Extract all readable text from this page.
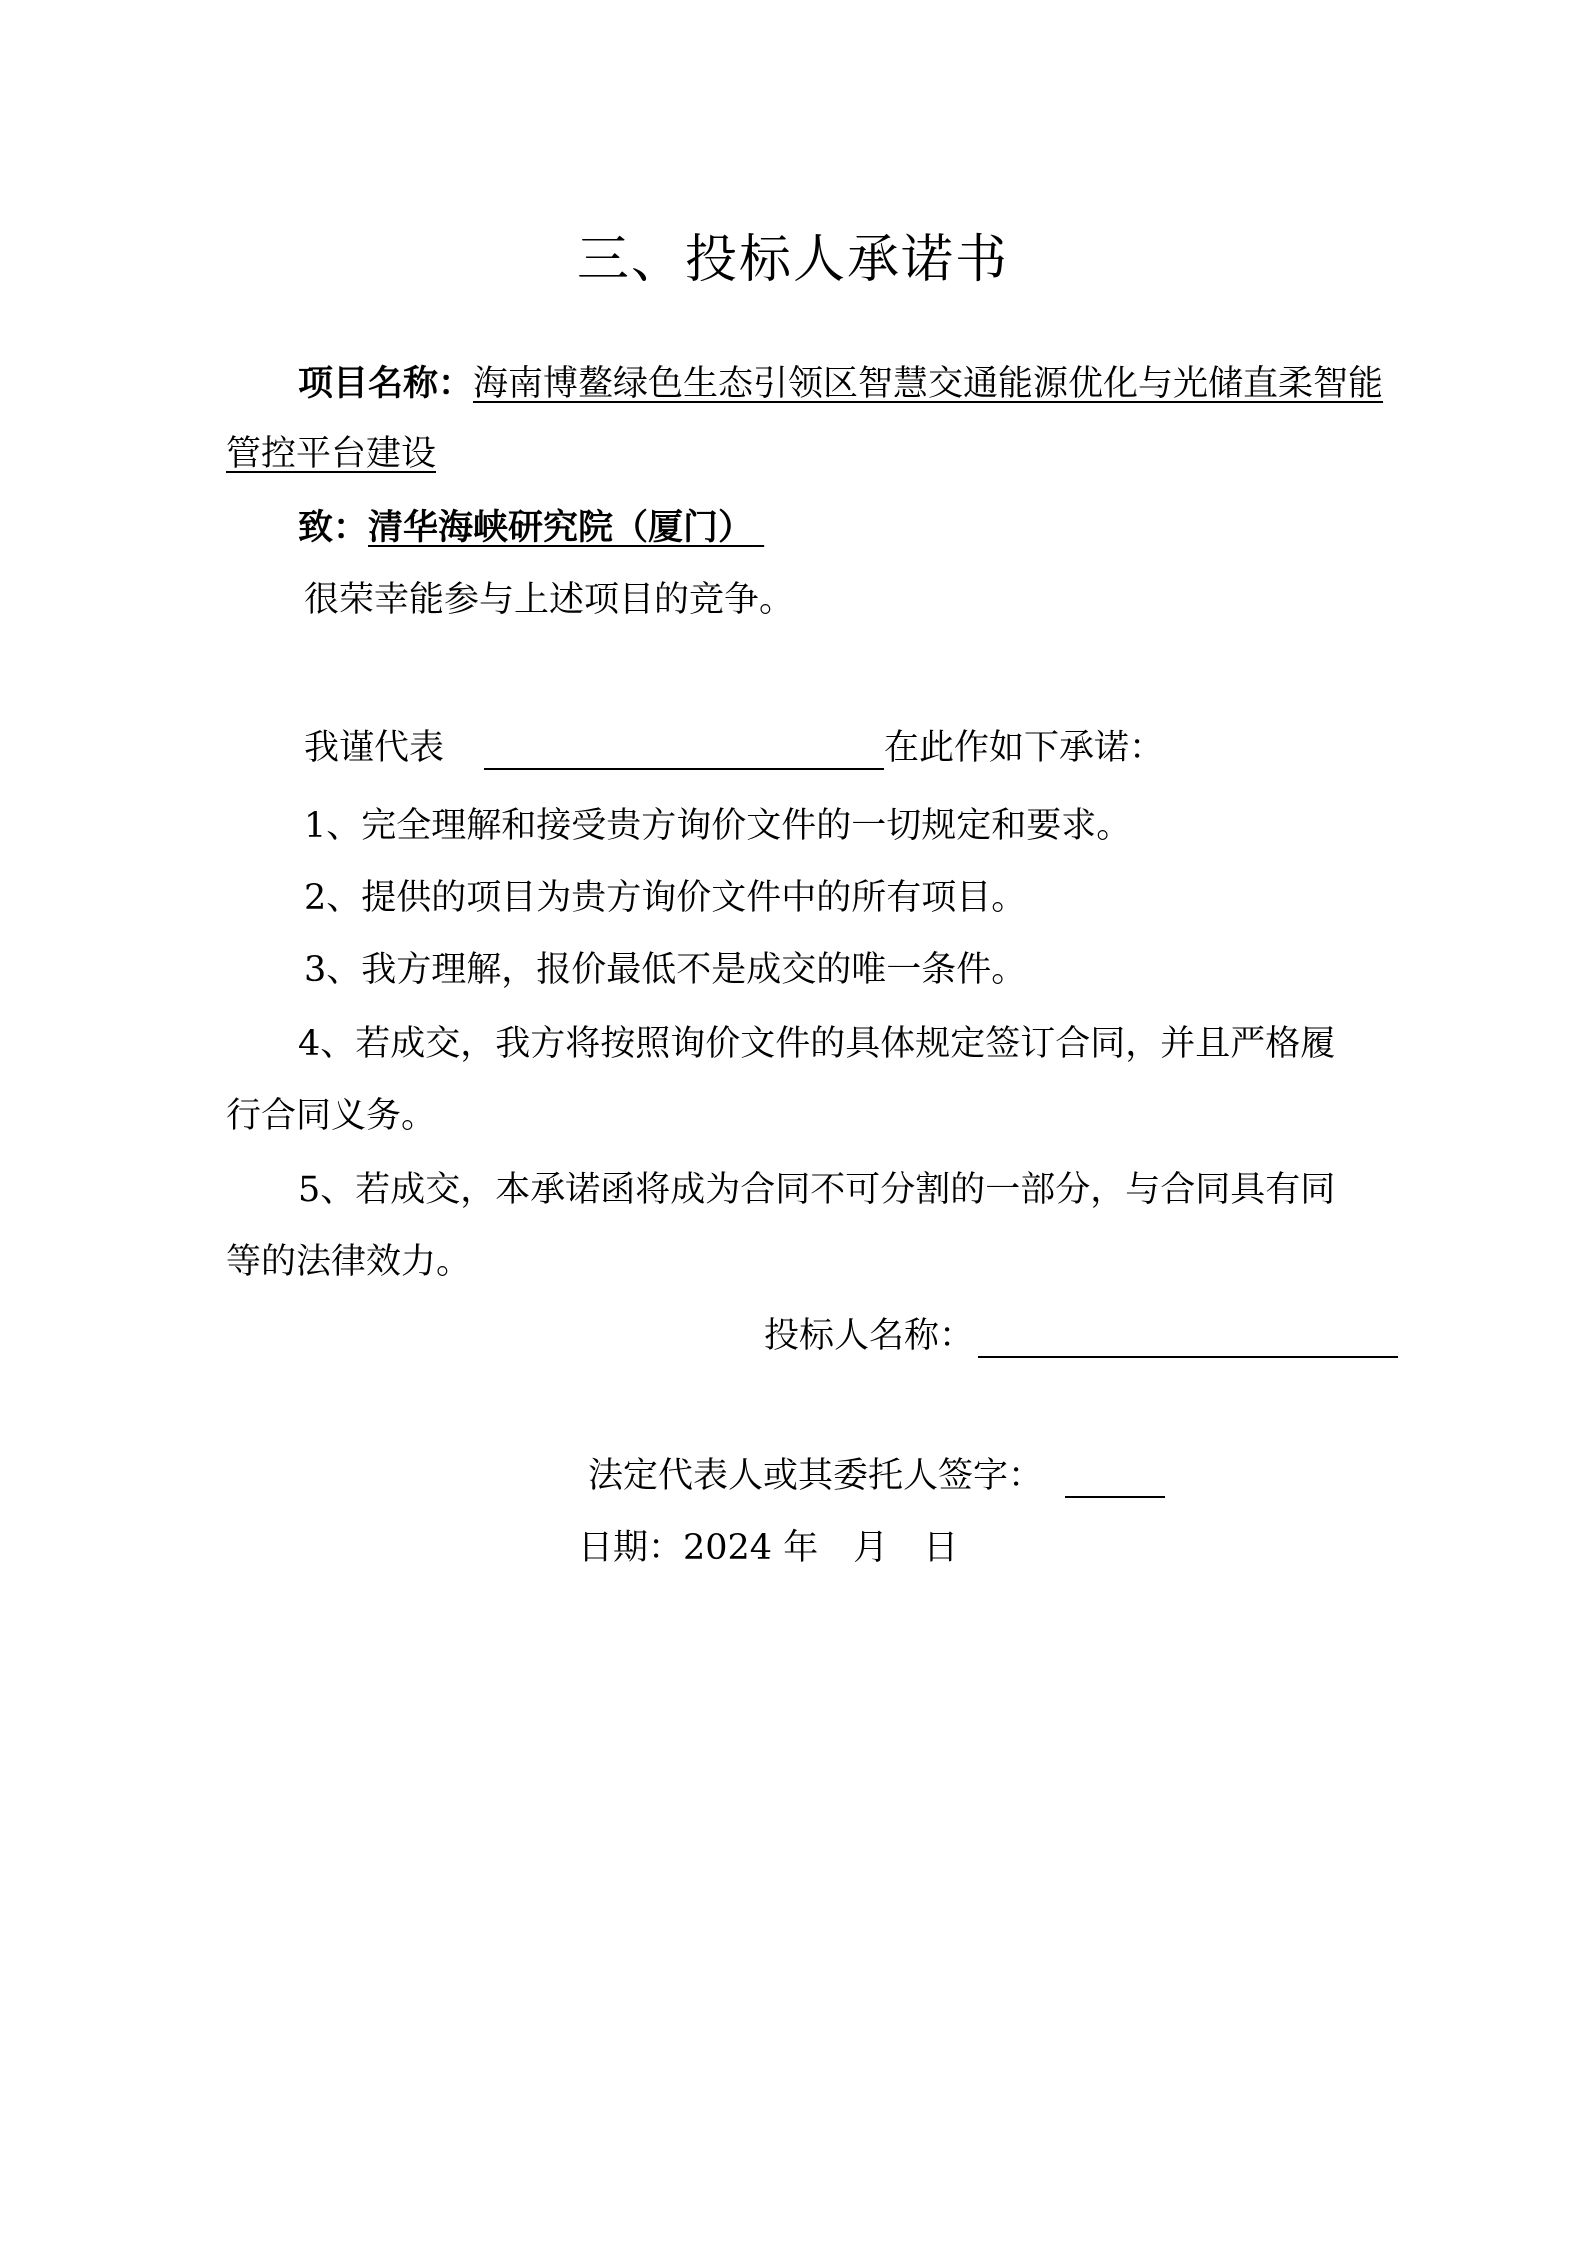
三、投标人承诺书
项目名称：海南博鳌绿色生态引领区智慧交通能源优化与光储直柔智能
管控平台建设
致：清华海峡研究院（厦门）
很荣幸能参与上述项目的竞争。
我谨代表	在此作如下承诺：
1、完全理解和接受贵方询价文件的一切规定和要求。
2、提供的项目为贵方询价文件中的所有项目。
3、我方理解，报价最低不是成交的唯一条件。
4、若成交，我方将按照询价文件的具体规定签订合同，并且严格履
行合同义务。
5、若成交，本承诺函将成为合同不可分割的一部分，与合同具有同
等的法律效力。
投标人名称：
法定代表人或其委托人签字：
日期：2024 年　月　日
